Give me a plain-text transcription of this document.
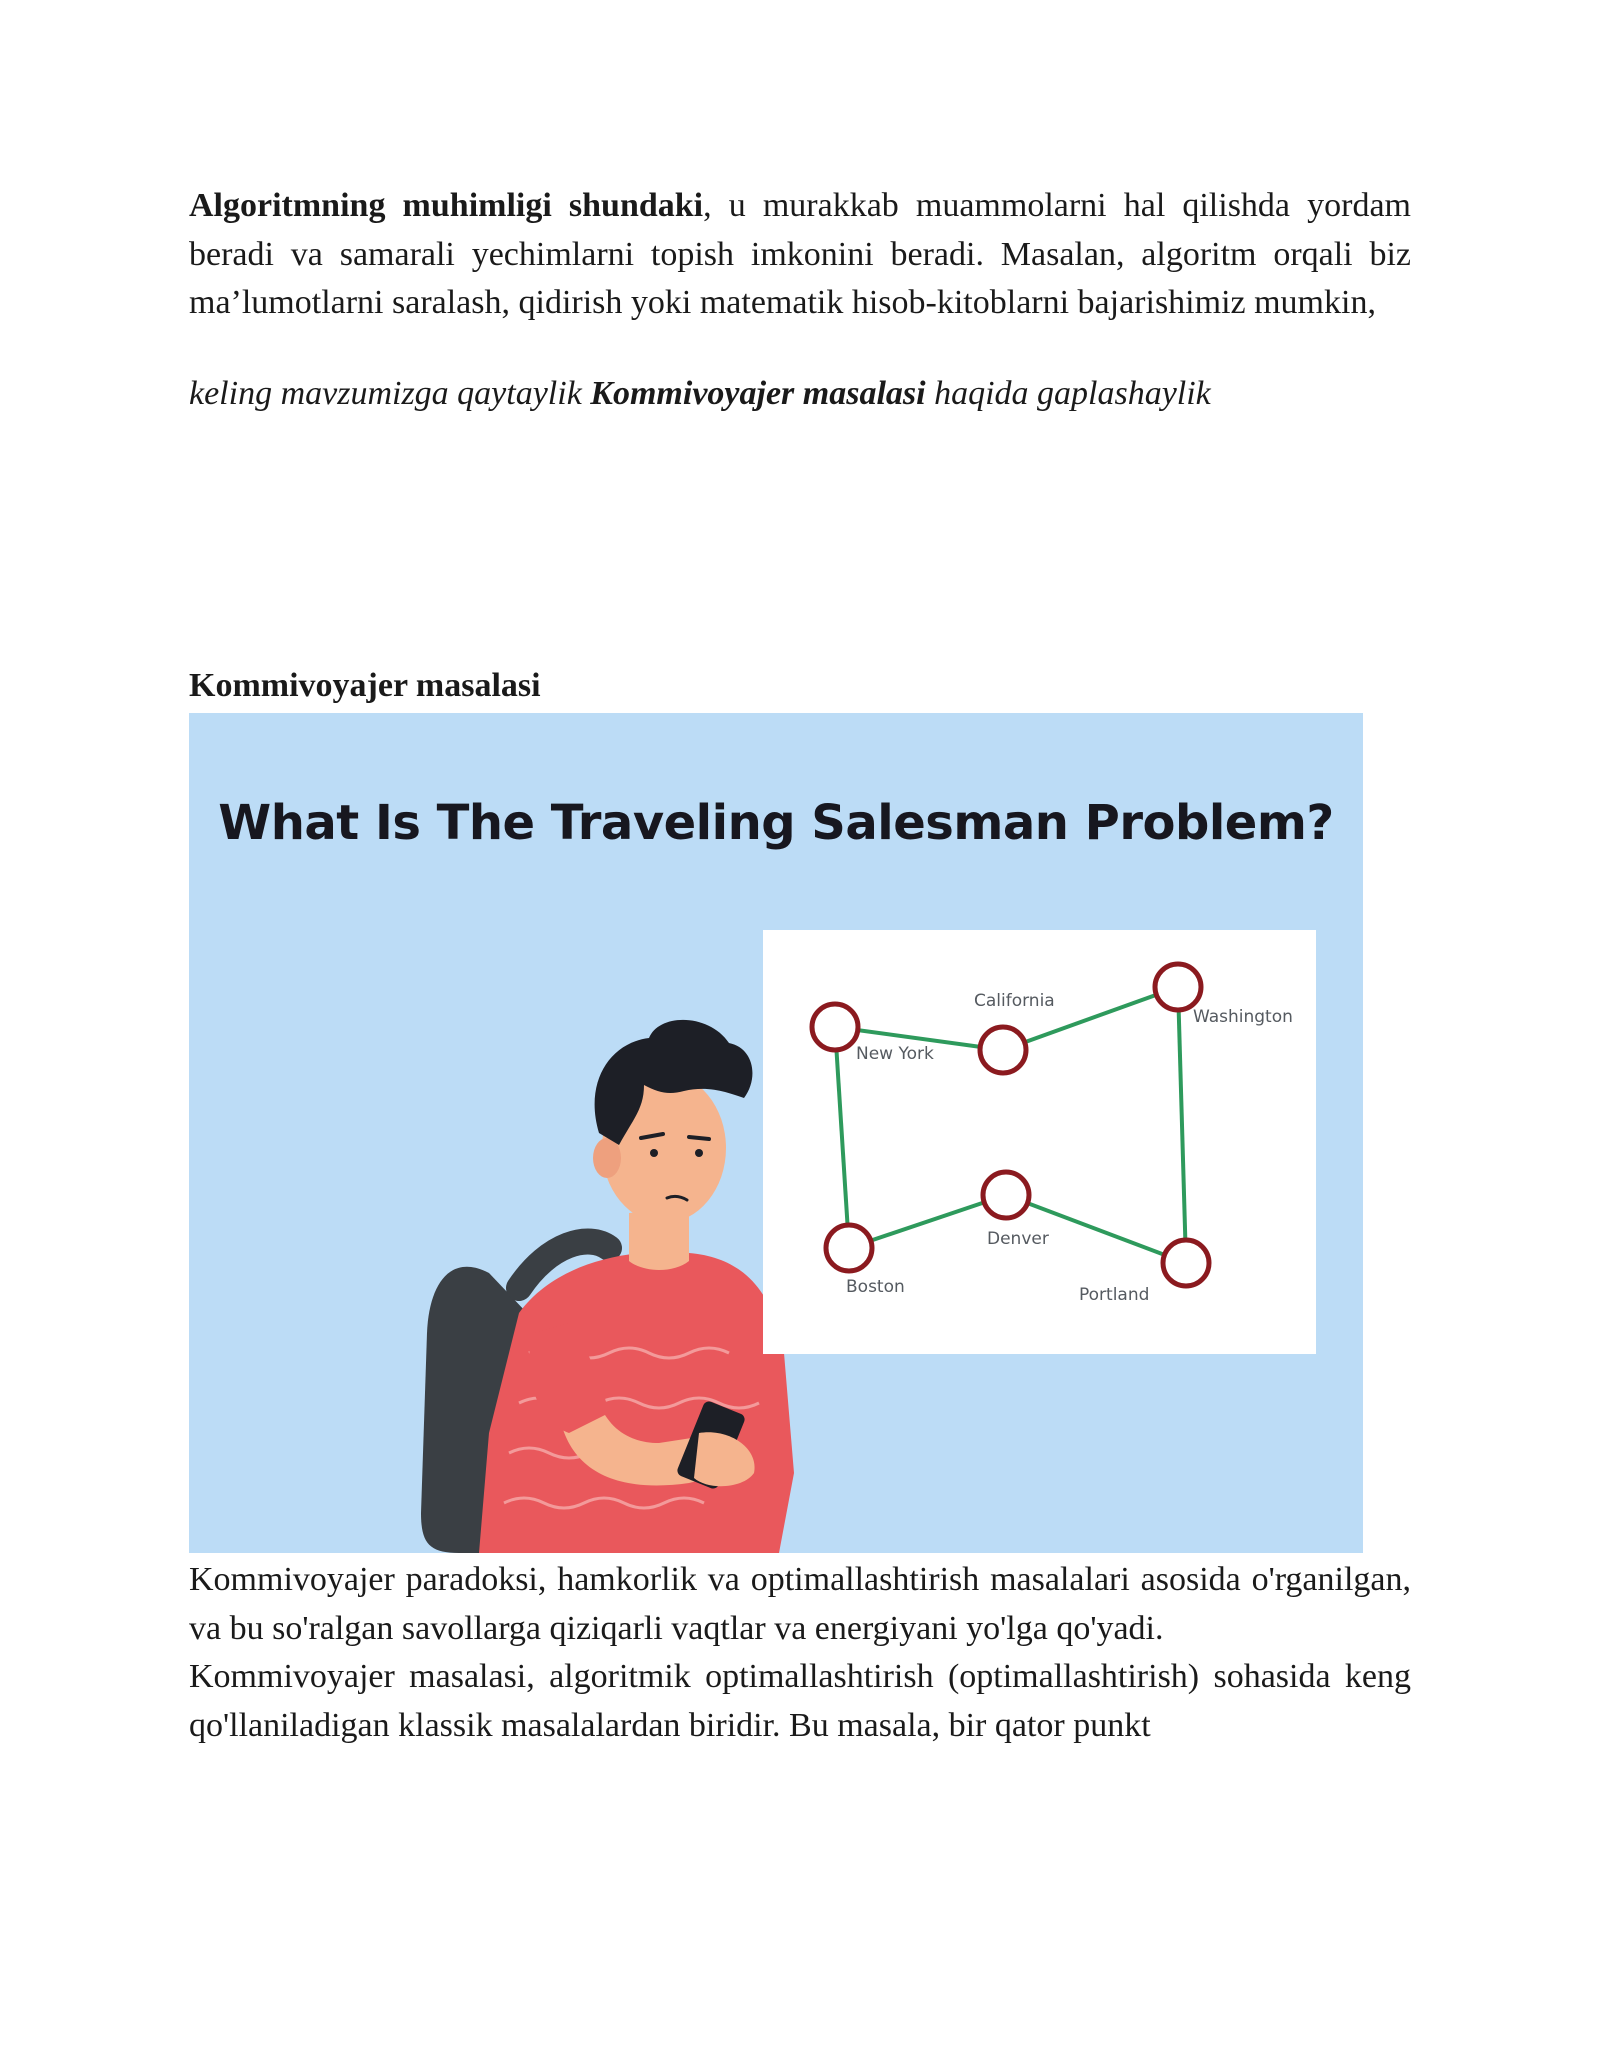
Algoritmning muhimligi shundaki, u murakkab muammolarni hal qilishda yordam beradi va samarali yechimlarni topish imkonini beradi. Masalan, algoritm orqali biz ma’lumotlarni saralash, qidirish yoki matematik hisob-kitoblarni bajarishimiz mumkin,

keling mavzumizga qaytaylik Kommivoyajer masalasi haqida gaplashaylik

Kommivoyajer masalasi
What Is The Traveling Salesman Problem?
New York
California
Washington
Denver
Boston	Portland

Kommivoyajer paradoksi, hamkorlik va optimallashtirish masalalari asosida o'rganilgan, va bu so'ralgan savollarga qiziqarli vaqtlar va energiyani yo'lga qo'yadi.

Kommivoyajer masalasi, algoritmik optimallashtirish (optimallashtirish) sohasida keng qo'llaniladigan klassik masalalardan biridir. Bu masala, bir qator punkt
